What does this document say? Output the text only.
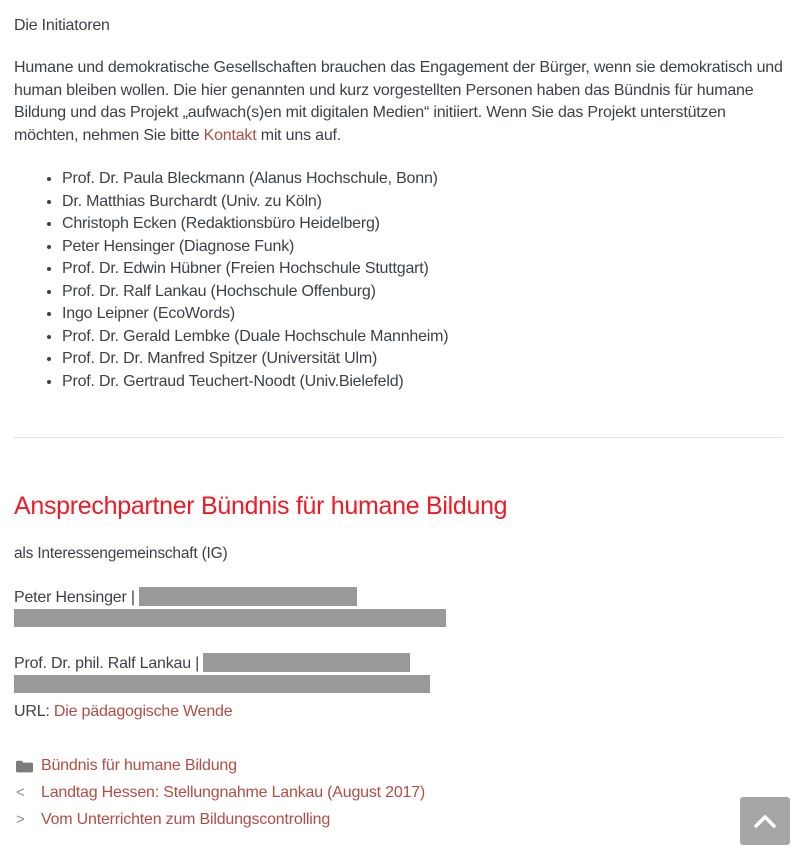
Die Initiatoren

Humane und demokratische Gesellschaften brauchen das Engagement der Bürger, wenn sie demokratisch und human bleiben wollen. Die hier genannten und kurz vorgestellten Personen haben das Bündnis für humane Bildung und das Projekt „aufwach(s)en mit digitalen Medien“ initiiert. Wenn Sie das Projekt unterstützen möchten, nehmen Sie bitte Kontakt mit uns auf.

• Prof. Dr. Paula Bleckmann (Alanus Hochschule, Bonn)
• Dr. Matthias Burchardt (Univ. zu Köln)
• Christoph Ecken (Redaktionsbüro Heidelberg)
• Peter Hensinger (Diagnose Funk)
• Prof. Dr. Edwin Hübner (Freien Hochschule Stuttgart)
• Prof. Dr. Ralf Lankau (Hochschule Offenburg)
• Ingo Leipner (EcoWords)
• Prof. Dr. Gerald Lembke (Duale Hochschule Mannheim)
• Prof. Dr. Dr. Manfred Spitzer (Universität Ulm)
• Prof. Dr. Gertraud Teuchert-Noodt (Univ.Bielefeld)
Ansprechpartner Bündnis für humane Bildung

als Interessengemeinschaft (IG)

Peter Hensinger |

Prof. Dr. phil. Ralf Lankau |

URL: Die pädagogische Wende

Bündnis für humane Bildung
<	Landtag Hessen: Stellungnahme Lankau (August 2017)
>	Vom Unterrichten zum Bildungscontrolling
